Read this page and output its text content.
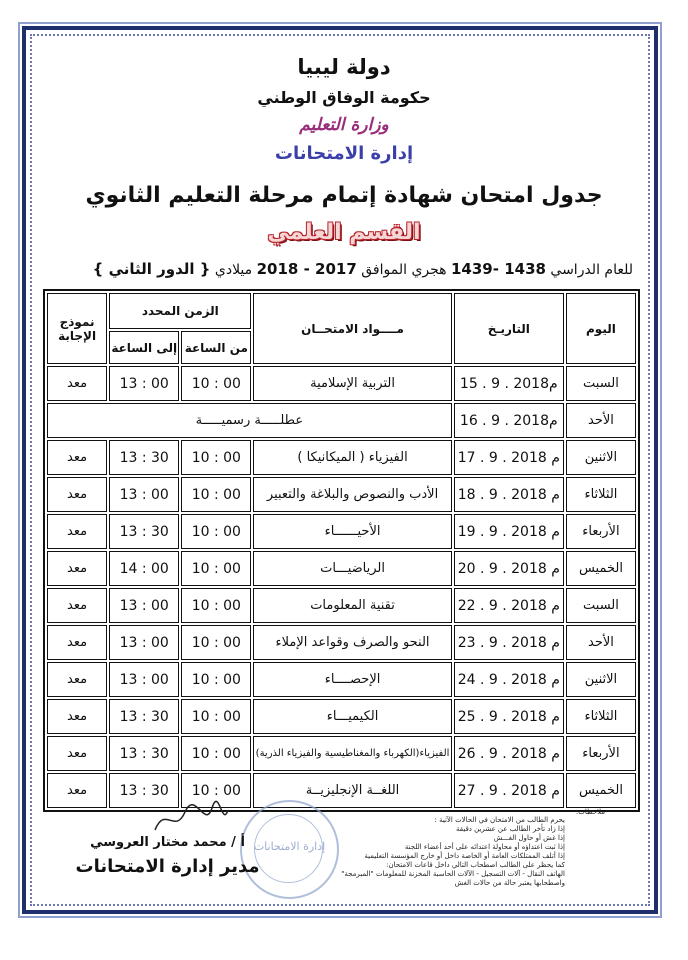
دولة ليبيا
حكومة الوفاق الوطني
وزارة التعليم
إدارة الامتحانات
جدول امتحان شهادة إتمام مرحلة التعليم الثانوي
القسم العلمي
للعام الدراسي 1438 -1439 هجري الموافق 2017 - 2018 ميلادي { الدور الثاني }
اليوم	التاريـخ	مــــواد الامتحــان	الزمن المحدد		نموذج الإجابة
			من الساعة	إلى الساعة	
السبت	15 . 9 . 2018م	التربية الإسلامية	10 : 00	13 : 00	معد
الأحد	16 . 9 . 2018م	عطلـــــة رسميـــــة			
الاثنين	17 . 9 . 2018 م	الفيزياء ( الميكانيكا )	10 : 00	13 : 30	معد
الثلاثاء	18 . 9 . 2018 م	الأدب والنصوص والبلاغة والتعبير	10 : 00	13 : 00	معد
الأربعاء	19 . 9 . 2018 م	الأحيــــــاء	10 : 00	13 : 30	معد
الخميس	20 . 9 . 2018 م	الرياضيـــات	10 : 00	14 : 00	معد
السبت	22 . 9 . 2018 م	تقنية المعلومات	10 : 00	13 : 00	معد
الأحد	23 . 9 . 2018 م	النحو والصرف وقواعد الإملاء	10 : 00	13 : 00	معد
الاثنين	24 . 9 . 2018 م	الإحصــــاء	10 : 00	13 : 00	معد
الثلاثاء	25 . 9 . 2018 م	الكيميـــاء	10 : 00	13 : 30	معد
الأربعاء	26 . 9 . 2018 م	الفيزياء(الكهرباء والمغناطيسية والفيزياء الذرية)	10 : 00	13 : 30	معد
الخميس	27 . 9 . 2018 م	اللغــة الإنجليزيــة	10 : 00	13 : 30	معد
إدارة الامتحانات
ملاحظات:
يحرم الطالب من الامتحان في الحالات الآتية :
إذا زاد تأخر الطالب عن عشرين دقيقة
إذا غش أو حاول الغـــش
إذا ثبت اعتداؤه أو محاولة اعتدائه على أحد أعضاء اللجنة
إذا أتلف الممتلكات العامة أو الخاصة داخل أو خارج المؤسسة التعليمية
كما يحظر على الطالب اصطحاب التالي داخل قاعات الامتحان:
الهاتف النقال - آلات التسجيل - الآلات الحاسبة المخزنة للمعلومات "المبرمجة"
واصطحابها يعتبر حالة من حالات الغش
أ / محمد مختار العروسي
مدير إدارة الامتحانات
